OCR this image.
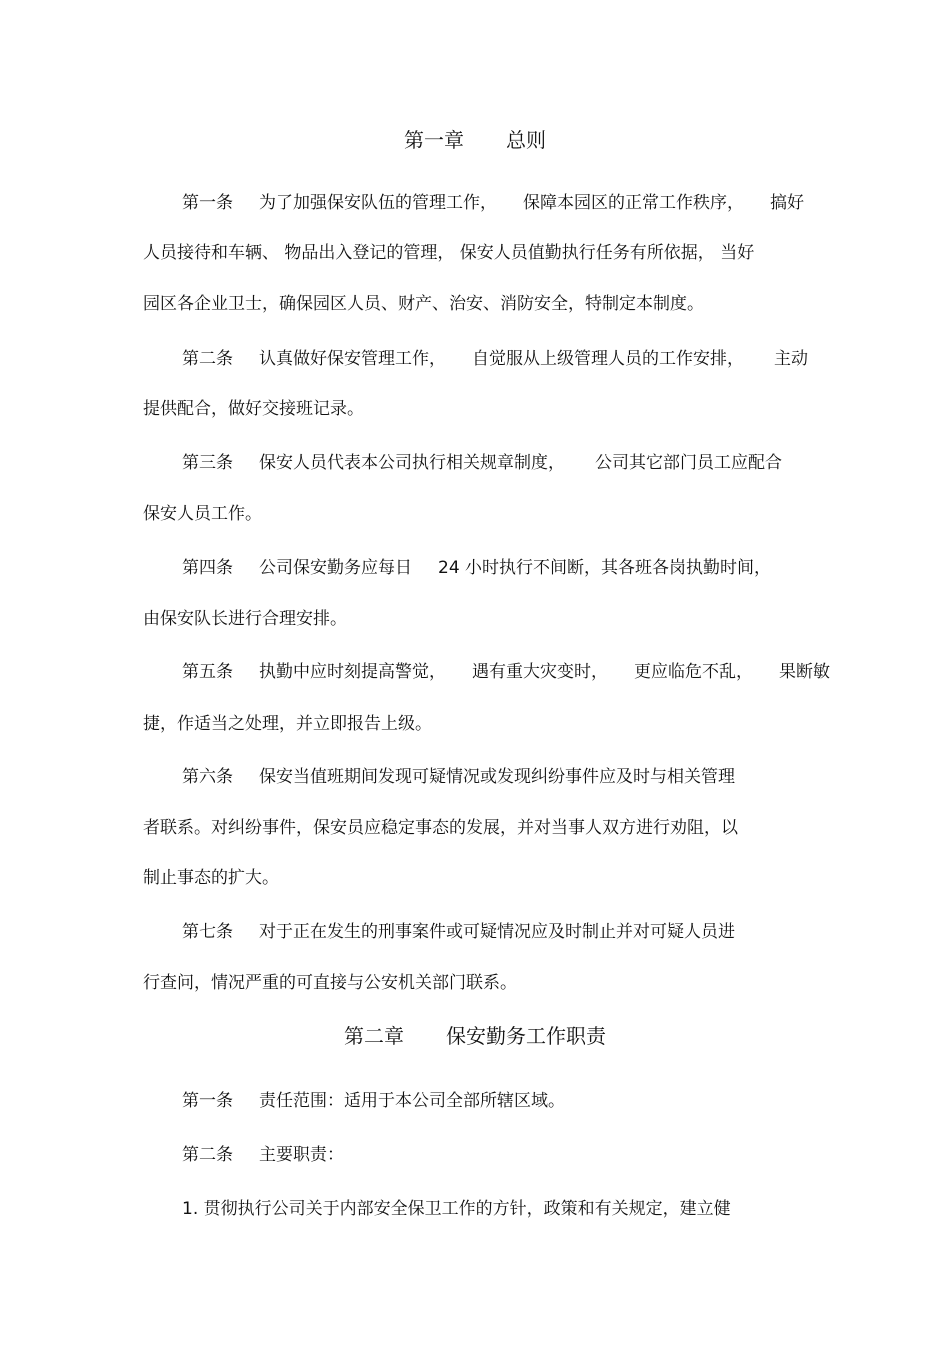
第一章 总则
第一条 为了加强保安队伍的管理工作， 保障本园区的正常工作秩序， 搞好
人员接待和车辆、 物品出入登记的管理， 保安人员值勤执行任务有所依据， 当好
园区各企业卫士，确保园区人员、财产、治安、消防安全，特制定本制度。
第二条 认真做好保安管理工作， 自觉服从上级管理人员的工作安排， 主动
提供配合，做好交接班记录。
第三条 保安人员代表本公司执行相关规章制度， 公司其它部门员工应配合
保安人员工作。
第四条 公司保安勤务应每日 24 小时执行不间断，其各班各岗执勤时间，
由保安队长进行合理安排。
第五条 执勤中应时刻提高警觉， 遇有重大灾变时， 更应临危不乱， 果断敏
捷，作适当之处理，并立即报告上级。
第六条 保安当值班期间发现可疑情况或发现纠纷事件应及时与相关管理
者联系。对纠纷事件，保安员应稳定事态的发展，并对当事人双方进行劝阻，以
制止事态的扩大。
第七条 对于正在发生的刑事案件或可疑情况应及时制止并对可疑人员进
行查问，情况严重的可直接与公安机关部门联系。
第二章 保安勤务工作职责
第一条 责任范围：适用于本公司全部所辖区域。
第二条 主要职责：
1. 贯彻执行公司关于内部安全保卫工作的方针，政策和有关规定，建立健
